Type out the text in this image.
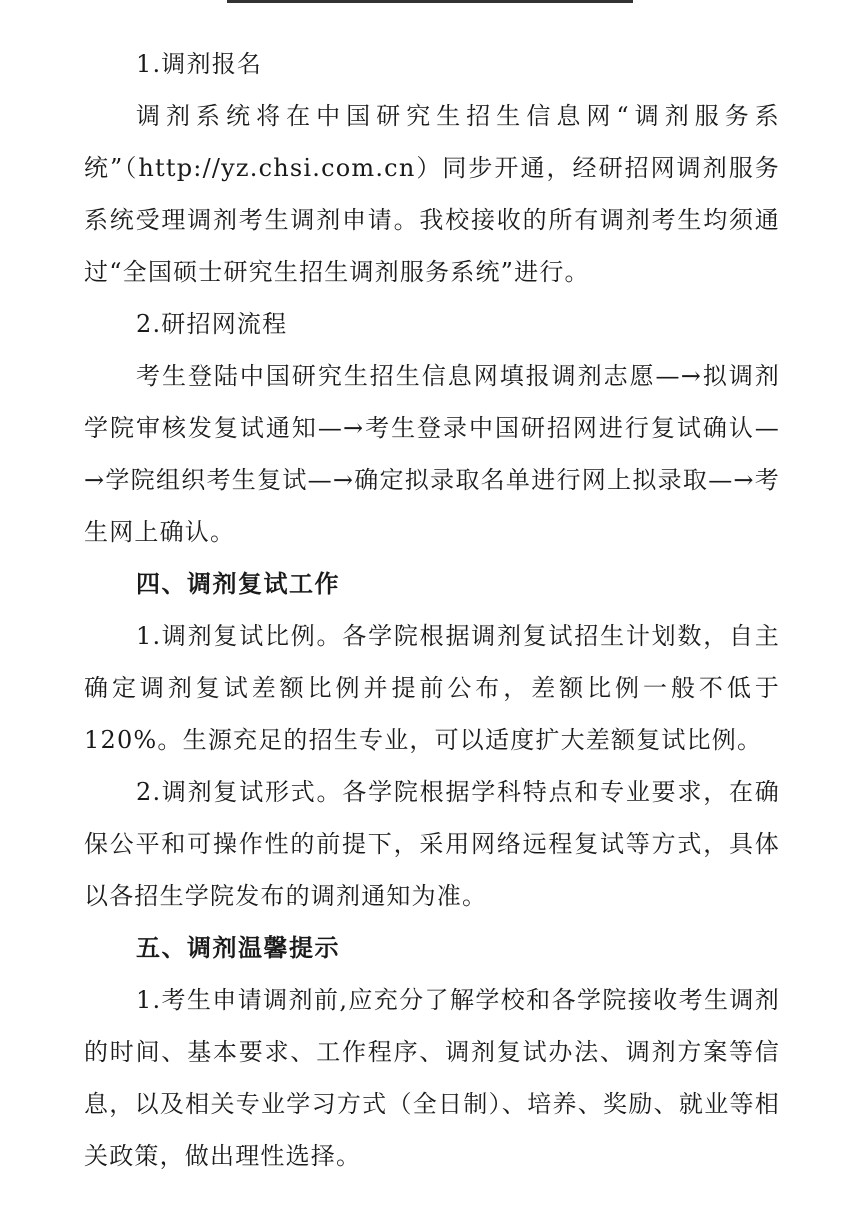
1.调剂报名

调剂系统将在中国研究生招生信息网“调剂服务系统”（http://yz.chsi.com.cn）同步开通，经研招网调剂服务系统受理调剂考生调剂申请。我校接收的所有调剂考生均须通过“全国硕士研究生招生调剂服务系统”进行。

2.研招网流程

考生登陆中国研究生招生信息网填报调剂志愿—→拟调剂学院审核发复试通知—→考生登录中国研招网进行复试确认—→学院组织考生复试—→确定拟录取名单进行网上拟录取—→考生网上确认。

四、调剂复试工作

1.调剂复试比例。各学院根据调剂复试招生计划数，自主确定调剂复试差额比例并提前公布，差额比例一般不低于 120%。生源充足的招生专业，可以适度扩大差额复试比例。

2.调剂复试形式。各学院根据学科特点和专业要求，在确保公平和可操作性的前提下，采用网络远程复试等方式，具体以各招生学院发布的调剂通知为准。

五、调剂温馨提示

1.考生申请调剂前,应充分了解学校和各学院接收考生调剂的时间、基本要求、工作程序、调剂复试办法、调剂方案等信息，以及相关专业学习方式（全日制）、培养、奖励、就业等相关政策，做出理性选择。
